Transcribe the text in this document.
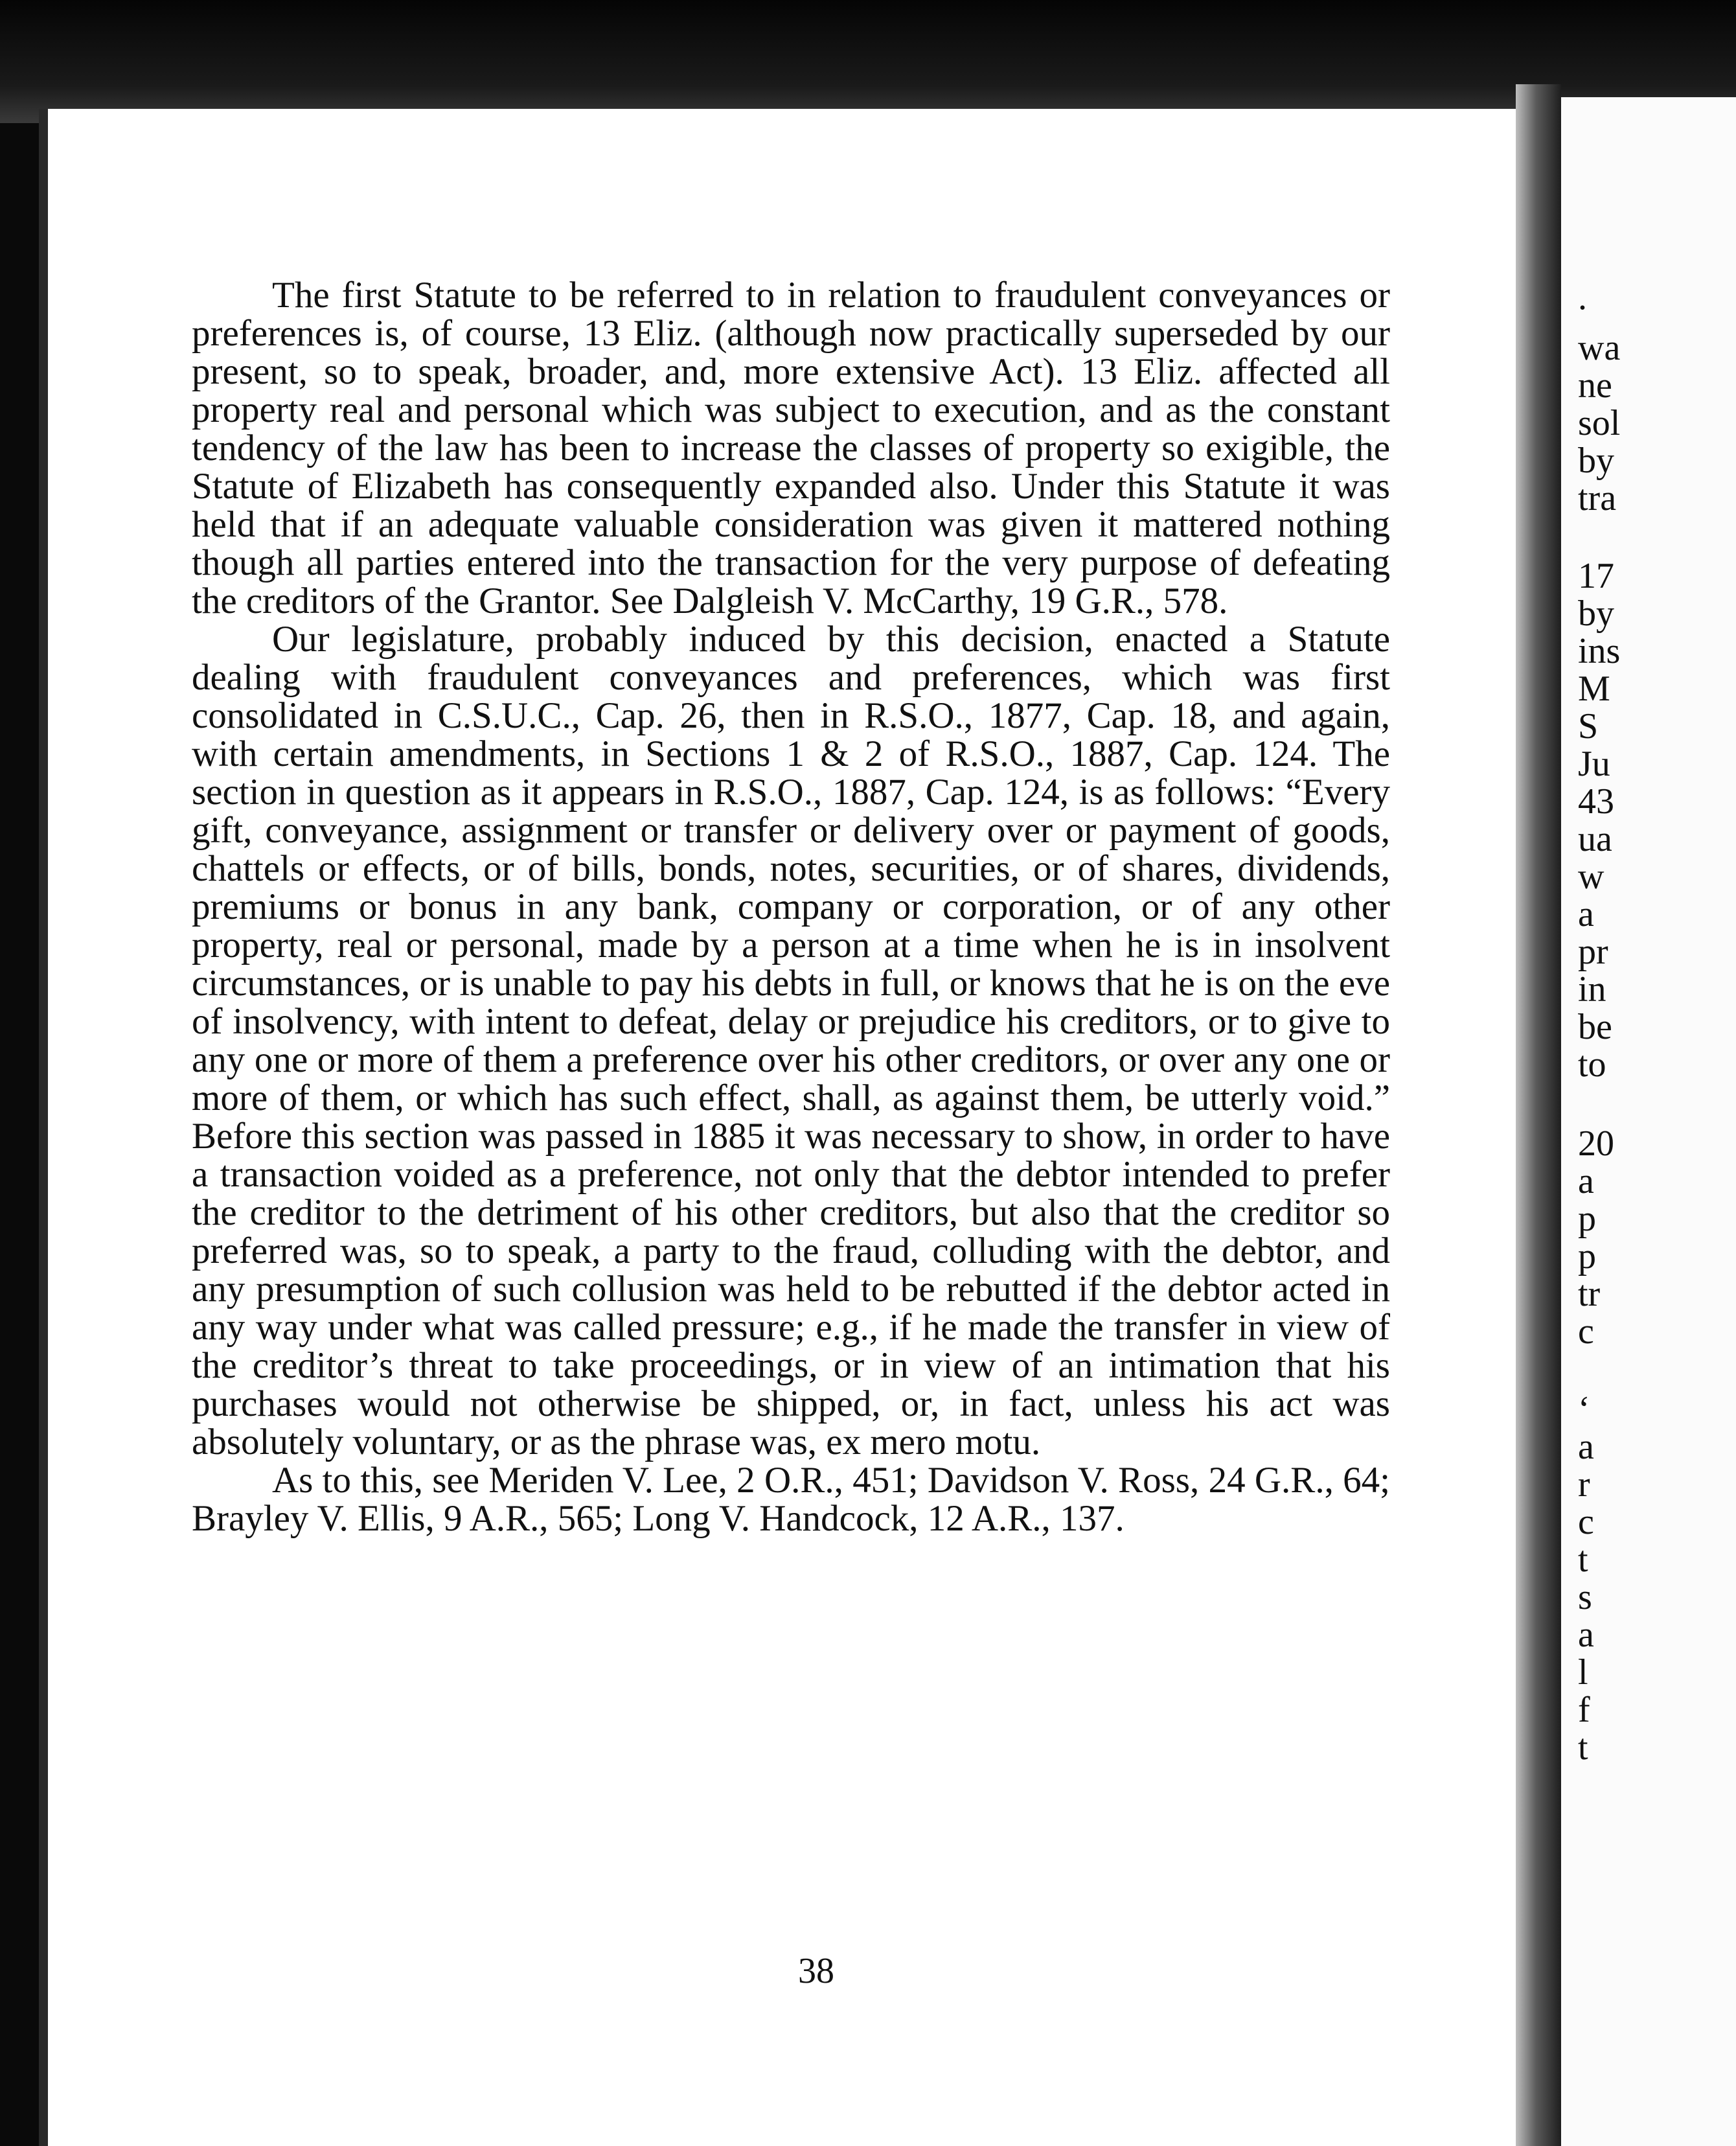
The first Statute to be referred to in relation to fraudulent conveyances or preferences is, of course, 13 Eliz. (although now practically superseded by our present, so to speak, broader, and, more extensive Act). 13 Eliz. affected all property real and personal which was subject to execution, and as the constant tendency of the law has been to increase the classes of property so exigible, the Statute of Elizabeth has consequently expanded also. Under this Statute it was held that if an adequate valuable consideration was given it mattered nothing though all parties entered into the transaction for the very purpose of defeating the creditors of the Grantor. See Dalgleish V. McCarthy, 19 G.R., 578.

Our legislature, probably induced by this decision, enacted a Statute dealing with fraudulent conveyances and preferences, which was first consolidated in C.S.U.C., Cap. 26, then in R.S.O., 1877, Cap. 18, and again, with certain amendments, in Sections 1 & 2 of R.S.O., 1887, Cap. 124. The section in question as it appears in R.S.O., 1887, Cap. 124, is as follows: “Every gift, conveyance, assignment or transfer or delivery over or payment of goods, chattels or effects, or of bills, bonds, notes, securities, or of shares, dividends, premiums or bonus in any bank, company or corporation, or of any other property, real or personal, made by a person at a time when he is in insolvent circumstances, or is unable to pay his debts in full, or knows that he is on the eve of insolvency, with intent to defeat, delay or prejudice his creditors, or to give to any one or more of them a preference over his other creditors, or over any one or more of them, or which has such effect, shall, as against them, be utterly void.” Before this section was passed in 1885 it was necessary to show, in order to have a transaction voided as a preference, not only that the debtor intended to prefer the creditor to the detriment of his other creditors, but also that the creditor so preferred was, so to speak, a party to the fraud, colluding with the debtor, and any presumption of such collusion was held to be rebutted if the debtor acted in any way under what was called pressure; e.g., if he made the transfer in view of the creditor’s threat to take proceedings, or in view of an intimation that his purchases would not otherwise be shipped, or, in fact, unless his act was absolutely voluntary, or as the phrase was, ex mero motu.

As to this, see Meriden V. Lee, 2 O.R., 451; Davidson V. Ross, 24 G.R., 64; Brayley V. Ellis, 9 A.R., 565; Long V. Handcock, 12 A.R., 137.

38
.
wa
ne
sol
by
tra
17
by
ins
M
S
Ju
43
ua
w
a
pr
in
be
to
20
a
p
p
tr
c
‘
a
r
c
t
s
a
l
f
t
